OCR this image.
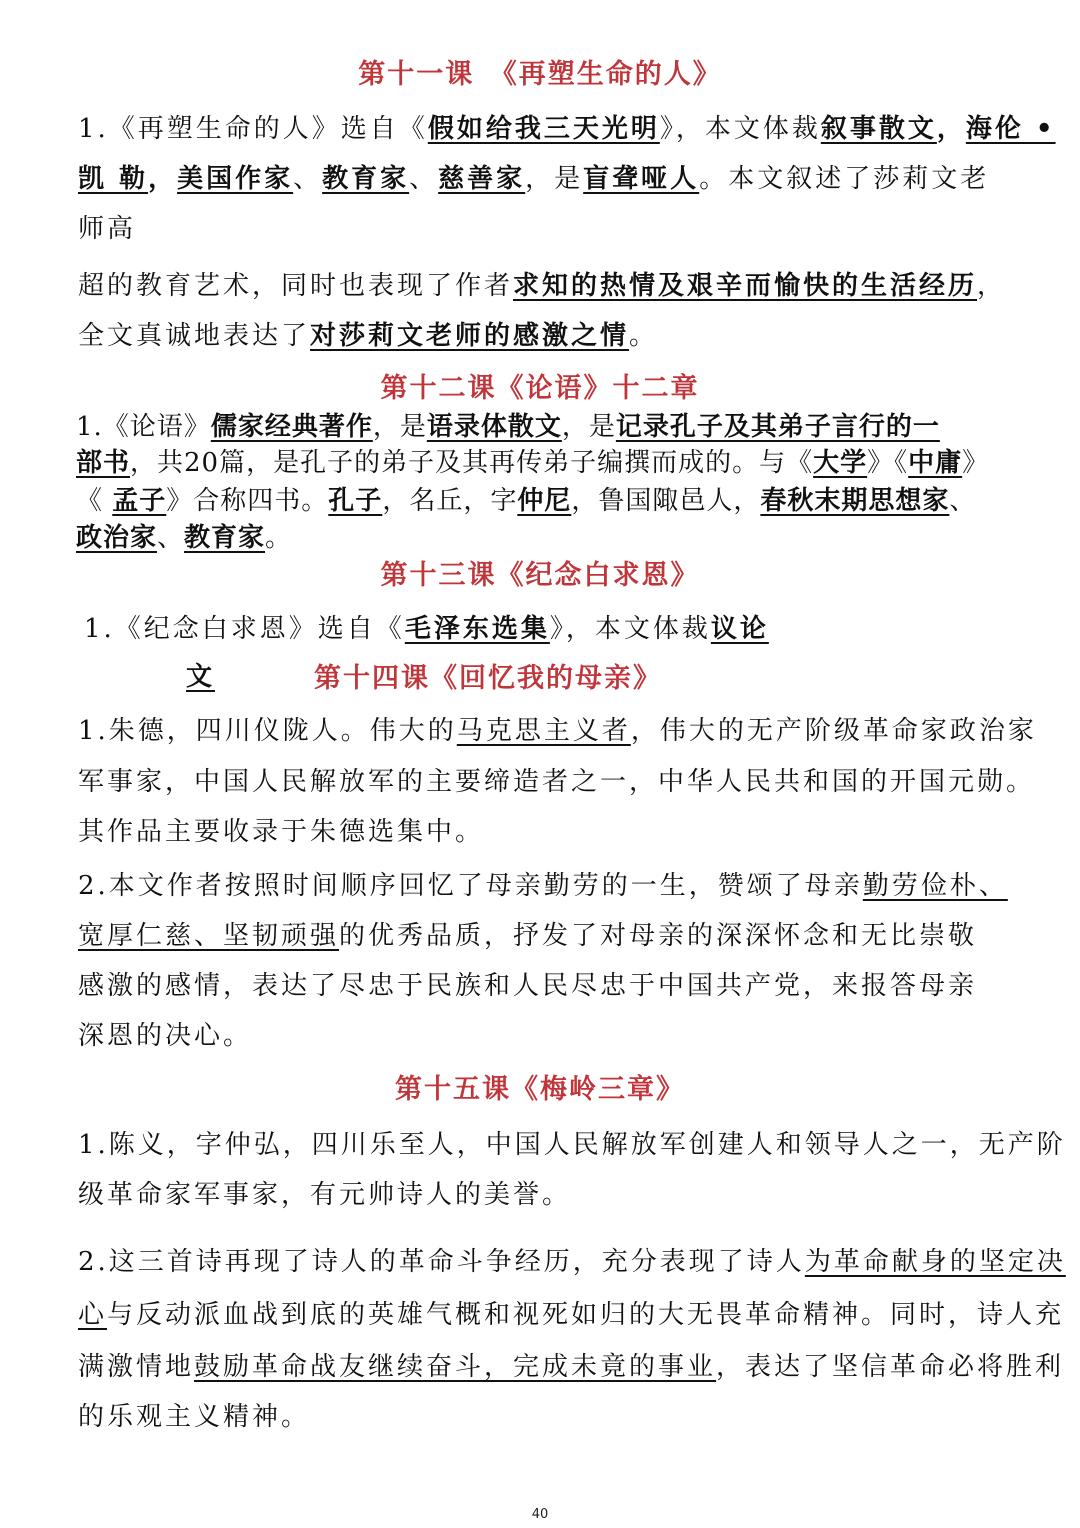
第十一课　《再塑生命的人》
1.《再塑生命的人》选自《假如给我三天光明》，本文体裁叙事散文，海伦 •
凯 勒，美国作家、教育家、慈善家，是盲聋哑人。本文叙述了莎莉文老
师高
超的教育艺术，同时也表现了作者求知的热情及艰辛而愉快的生活经历，
全文真诚地表达了对莎莉文老师的感激之情。
第十二课《论语》十二章
1.《论语》儒家经典著作，是语录体散文，是记录孔子及其弟子言行的一
部书，共20篇，是孔子的弟子及其再传弟子编撰而成的。与《大学》《中庸》
《 孟子》合称四书。孔子，名丘，字仲尼，鲁国陬邑人，春秋末期思想家、
政治家、教育家。
第十三课《纪念白求恩》
1.《纪念白求恩》选自《毛泽东选集》，本文体裁议论
文	第十四课《回忆我的母亲》
1.朱德，四川仪陇人。伟大的马克思主义者，伟大的无产阶级革命家政治家
军事家，中国人民解放军的主要缔造者之一，中华人民共和国的开国元勋。
其作品主要收录于朱德选集中。
2.本文作者按照时间顺序回忆了母亲勤劳的一生，赞颂了母亲勤劳俭朴、
宽厚仁慈、坚韧顽强的优秀品质，抒发了对母亲的深深怀念和无比崇敬
感激的感情，表达了尽忠于民族和人民尽忠于中国共产党，来报答母亲
深恩的决心。
第十五课《梅岭三章》
1.陈义，字仲弘，四川乐至人，中国人民解放军创建人和领导人之一，无产阶
级革命家军事家，有元帅诗人的美誉。
2.这三首诗再现了诗人的革命斗争经历，充分表现了诗人为革命献身的坚定决
心与反动派血战到底的英雄气概和视死如归的大无畏革命精神。同时，诗人充
满激情地鼓励革命战友继续奋斗，完成未竟的事业，表达了坚信革命必将胜利
的乐观主义精神。
40
